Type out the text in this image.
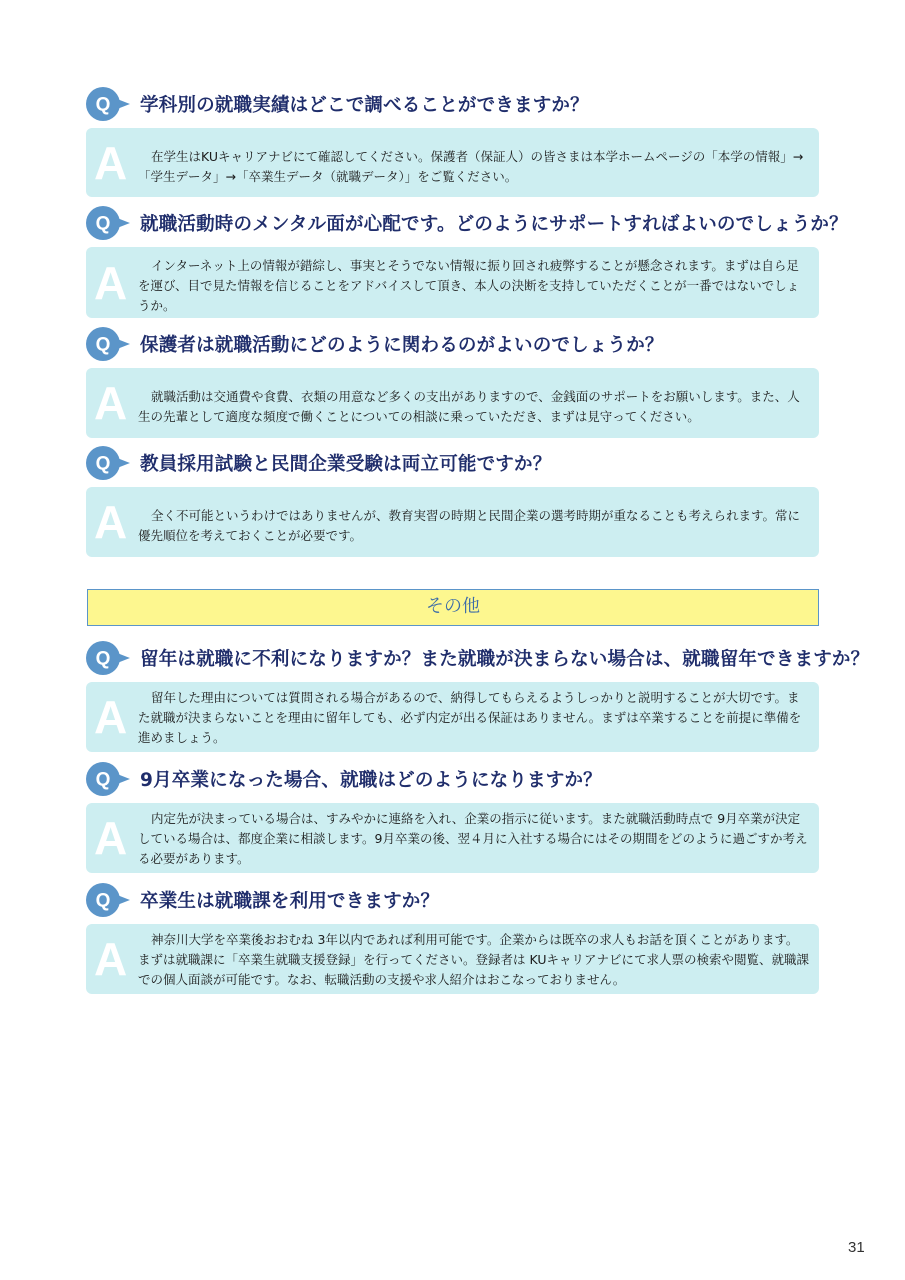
Q 学科別の就職実績はどこで調べることができますか？
A	在学生はKUキャリアナビにて確認してください。保護者（保証人）の皆さまは本学ホームページの「本学の情報」→「学生データ」→「卒業生データ（就職データ）」をご覧ください。

Q 就職活動時のメンタル面が心配です。どのようにサポートすればよいのでしょうか？
A	インターネット上の情報が錯綜し、事実とそうでない情報に振り回され疲弊することが懸念されます。まずは自ら足を運び、目で見た情報を信じることをアドバイスして頂き、本人の決断を支持していただくことが一番ではないでしょうか。

Q 保護者は就職活動にどのように関わるのがよいのでしょうか？
A	就職活動は交通費や食費、衣類の用意など多くの支出がありますので、金銭面のサポートをお願いします。また、人生の先輩として適度な頻度で働くことについての相談に乗っていただき、まずは見守ってください。

Q 教員採用試験と民間企業受験は両立可能ですか？
A	全く不可能というわけではありませんが、教育実習の時期と民間企業の選考時期が重なることも考えられます。常に優先順位を考えておくことが必要です。

その他
Q 留年は就職に不利になりますか？また就職が決まらない場合は、就職留年できますか？
A	留年した理由については質問される場合があるので、納得してもらえるようしっかりと説明することが大切です。また就職が決まらないことを理由に留年しても、必ず内定が出る保証はありません。まずは卒業することを前提に準備を進めましょう。

Q 9月卒業になった場合、就職はどのようになりますか？
A	内定先が決まっている場合は、すみやかに連絡を入れ、企業の指示に従います。また就職活動時点で 9月卒業が決定している場合は、都度企業に相談します。9月卒業の後、翌４月に入社する場合にはその期間をどのように過ごすか考える必要があります。

Q 卒業生は就職課を利用できますか？
A	神奈川大学を卒業後おおむね 3年以内であれば利用可能です。企業からは既卒の求人もお話を頂くことがあります。まずは就職課に「卒業生就職支援登録」を行ってください。登録者は KUキャリアナビにて求人票の検索や閲覧、就職課での個人面談が可能です。なお、転職活動の支援や求人紹介はおこなっておりません。

31
